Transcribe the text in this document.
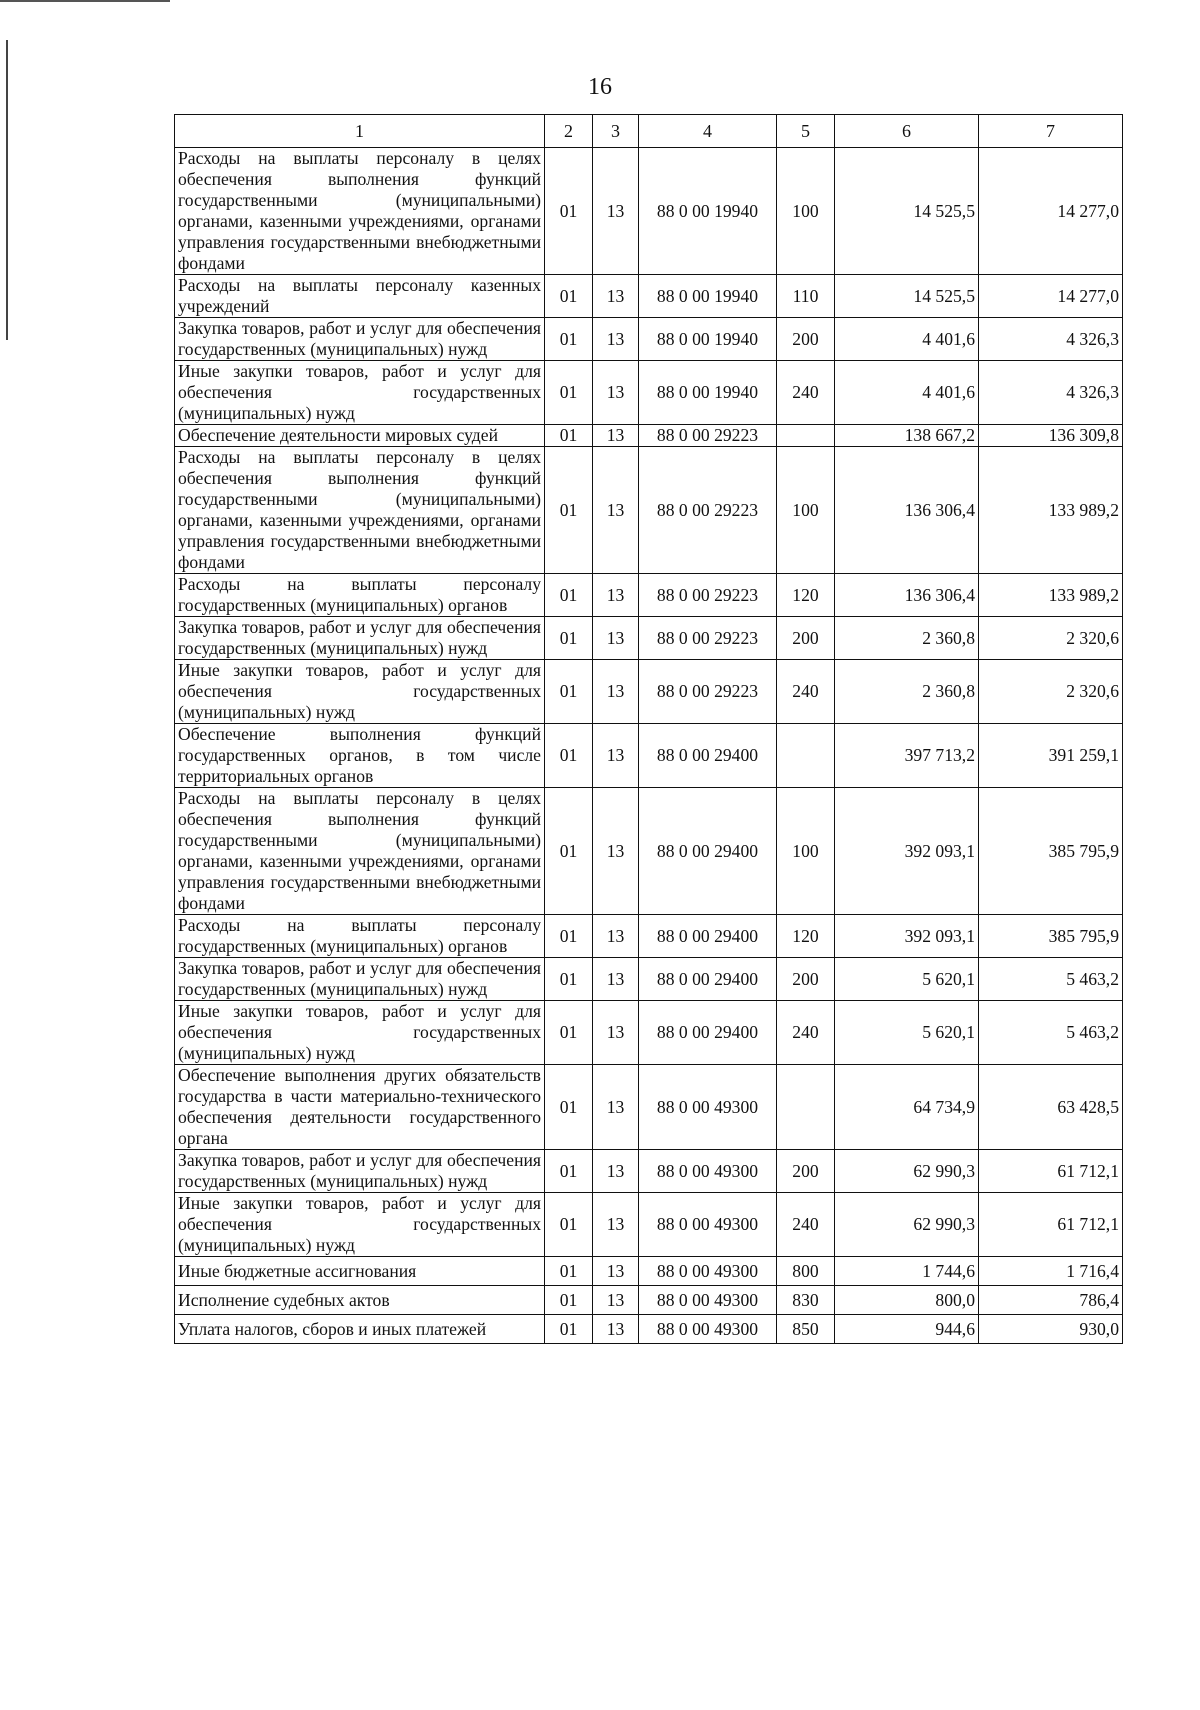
16
1	2	3	4	5	6	7
Расходы на выплаты персоналу в целях обеспечения выполнения функций государственными (муниципальными) органами, казенными учреждениями, органами управления государственными внебюджетными фондами	01	13	88 0 00 19940	100	14 525,5	14 277,0
Расходы на выплаты персоналу казенных учреждений	01	13	88 0 00 19940	110	14 525,5	14 277,0
Закупка товаров, работ и услуг для обеспечения государственных (муниципальных) нужд	01	13	88 0 00 19940	200	4 401,6	4 326,3
Иные закупки товаров, работ и услуг для обеспечения государственных (муниципальных) нужд	01	13	88 0 00 19940	240	4 401,6	4 326,3
Обеспечение деятельности мировых судей	01	13	88 0 00 29223		138 667,2	136 309,8
Расходы на выплаты персоналу в целях обеспечения выполнения функций государственными (муниципальными) органами, казенными учреждениями, органами управления государственными внебюджетными фондами	01	13	88 0 00 29223	100	136 306,4	133 989,2
Расходы на выплаты персоналу государственных (муниципальных) органов	01	13	88 0 00 29223	120	136 306,4	133 989,2
Закупка товаров, работ и услуг для обеспечения государственных (муниципальных) нужд	01	13	88 0 00 29223	200	2 360,8	2 320,6
Иные закупки товаров, работ и услуг для обеспечения государственных (муниципальных) нужд	01	13	88 0 00 29223	240	2 360,8	2 320,6
Обеспечение выполнения функций государственных органов, в том числе территориальных органов	01	13	88 0 00 29400		397 713,2	391 259,1
Расходы на выплаты персоналу в целях обеспечения выполнения функций государственными (муниципальными) органами, казенными учреждениями, органами управления государственными внебюджетными фондами	01	13	88 0 00 29400	100	392 093,1	385 795,9
Расходы на выплаты персоналу государственных (муниципальных) органов	01	13	88 0 00 29400	120	392 093,1	385 795,9
Закупка товаров, работ и услуг для обеспечения государственных (муниципальных) нужд	01	13	88 0 00 29400	200	5 620,1	5 463,2
Иные закупки товаров, работ и услуг для обеспечения государственных (муниципальных) нужд	01	13	88 0 00 29400	240	5 620,1	5 463,2
Обеспечение выполнения других обязательств государства в части материально-технического обеспечения деятельности государственного органа	01	13	88 0 00 49300		64 734,9	63 428,5
Закупка товаров, работ и услуг для обеспечения государственных (муниципальных) нужд	01	13	88 0 00 49300	200	62 990,3	61 712,1
Иные закупки товаров, работ и услуг для обеспечения государственных (муниципальных) нужд	01	13	88 0 00 49300	240	62 990,3	61 712,1
Иные бюджетные ассигнования	01	13	88 0 00 49300	800	1 744,6	1 716,4
Исполнение судебных актов	01	13	88 0 00 49300	830	800,0	786,4
Уплата налогов, сборов и иных платежей	01	13	88 0 00 49300	850	944,6	930,0
